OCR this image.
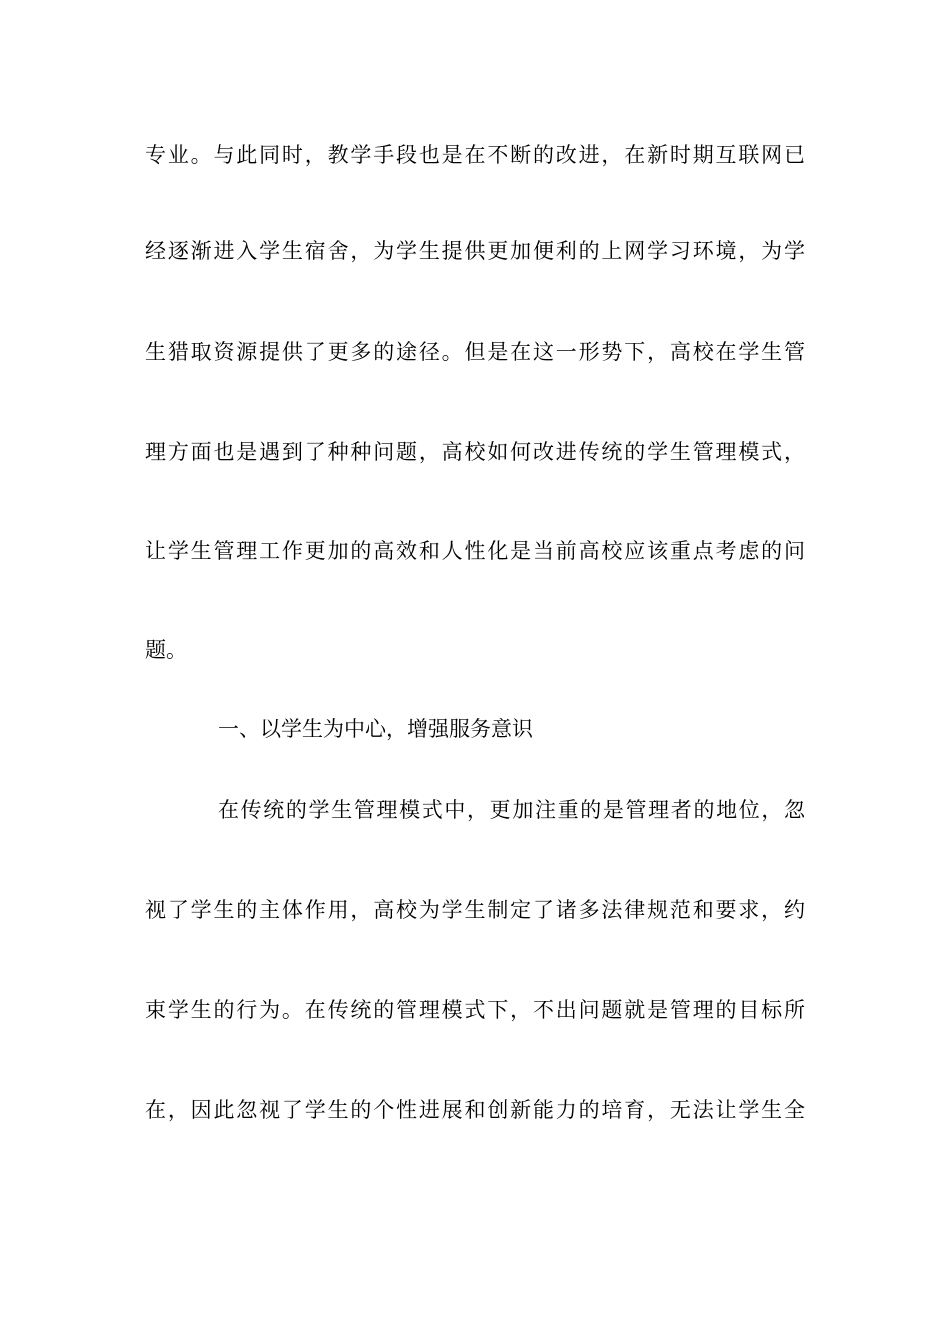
专业。与此同时，教学手段也是在不断的改进，在新时期互联网已
经逐渐进入学生宿舍，为学生提供更加便利的上网学习环境，为学
生猎取资源提供了更多的途径。但是在这一形势下，高校在学生管
理方面也是遇到了种种问题，高校如何改进传统的学生管理模式，
让学生管理工作更加的高效和人性化是当前高校应该重点考虑的问
题。
一、以学生为中心，增强服务意识
在传统的学生管理模式中，更加注重的是管理者的地位，忽
视了学生的主体作用，高校为学生制定了诸多法律规范和要求，约
束学生的行为。在传统的管理模式下，不出问题就是管理的目标所
在，因此忽视了学生的个性进展和创新能力的培育，无法让学生全
